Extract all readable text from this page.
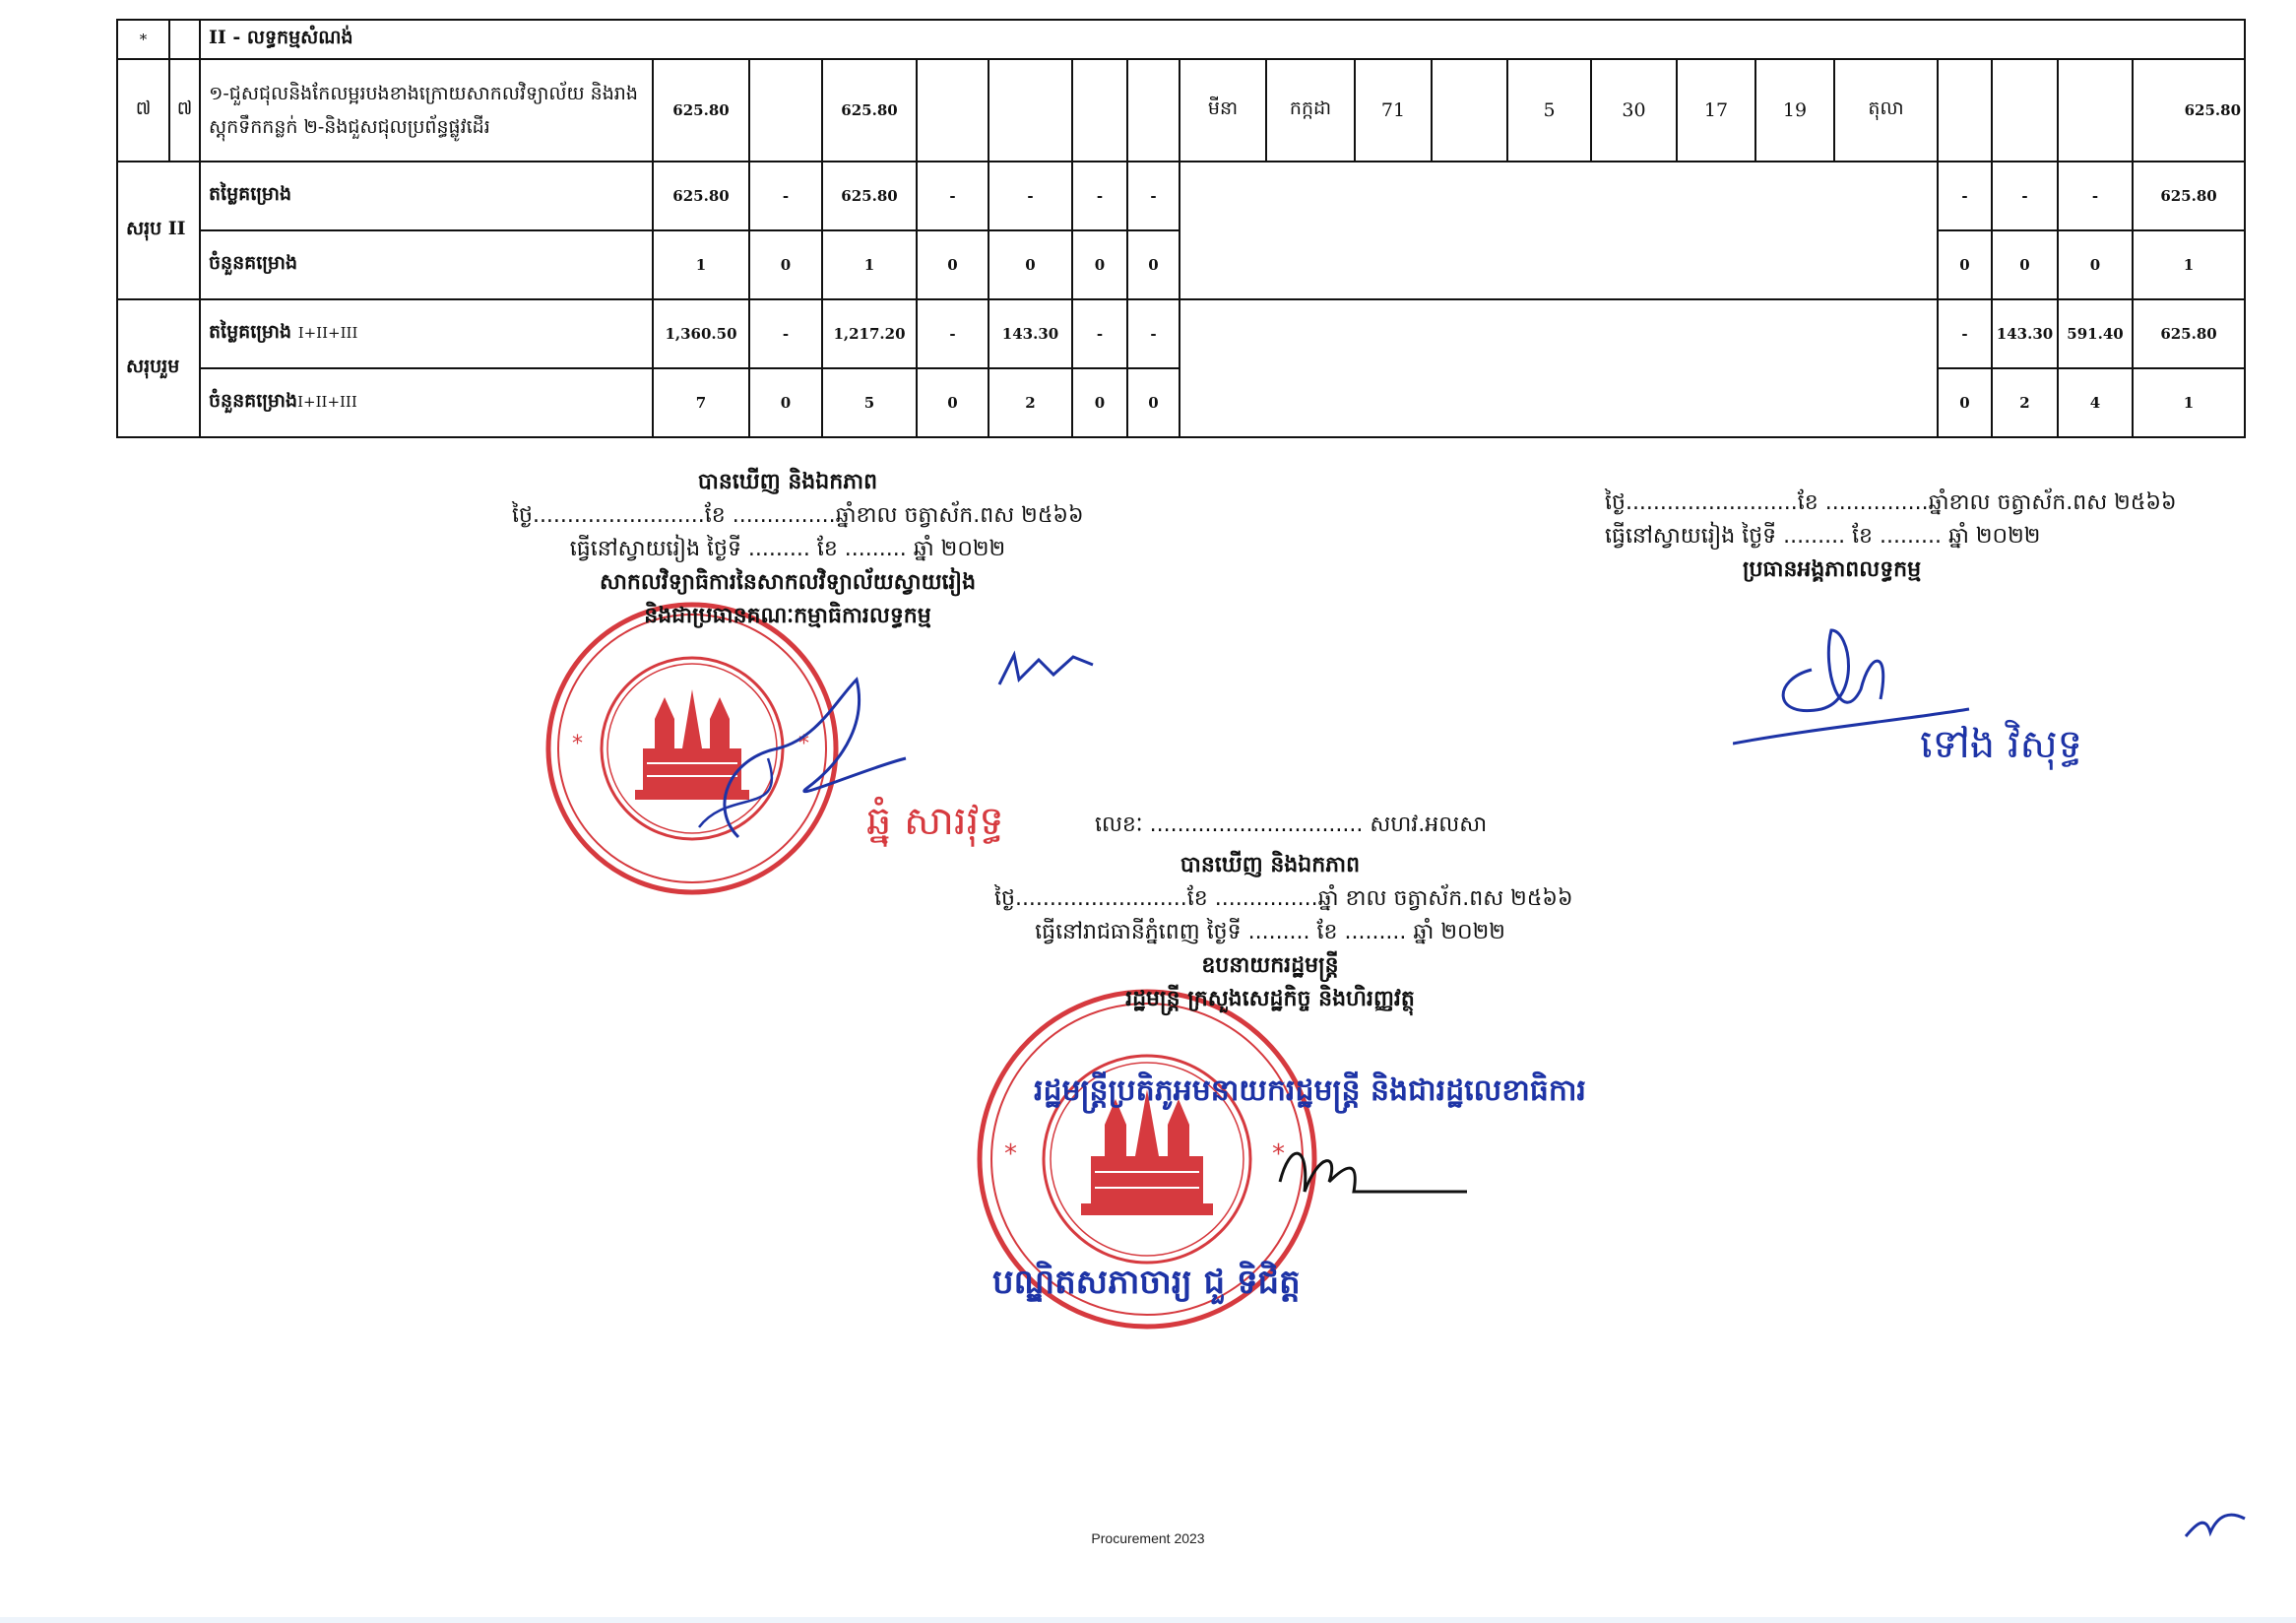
*		II - លទ្ធកម្មសំណង់																				
៧	៧	១-ជួសជុលនិងកែលម្អរបងខាងក្រោយសាកលវិទ្យាល័យ និងរាង
ស្តុកទឹកកន្លក់ ២-និងជួសជុលប្រព័ន្ធផ្លូវដើរ	625.80		625.80					មីនា	កក្កដា	71		5	30	17	19	តុលា				625.80
សរុប II		តម្លៃគម្រោង	625.80	-	625.80	-	-	-	-										-	-	-	625.80
		ចំនួនគម្រោង	1	0	1	0	0	0	0										0	0	0	1
សរុបរួម		តម្លៃគម្រោង I+II+III	1,360.50	-	1,217.20	-	143.30	-	-										-	143.30	591.40	625.80
		ចំនួនគម្រោងI+II+III	7	0	5	0	2	0	0										0	2	4	1
*	*
បានឃើញ និងឯកភាព
ថ្ងៃ.........................ខែ ...............ឆ្នាំខាល ចត្វាស័ក.ពស ២៥៦៦
ធ្វើនៅស្វាយរៀង ថ្ងៃទី ......... ខែ ......... ឆ្នាំ ២០២២
សាកលវិទ្យាធិការនៃសាកលវិទ្យាល័យស្វាយរៀង
និងជាប្រធានគណៈកម្មាធិការលទ្ធកម្ម
ឆ្នំុ សារវុទ្ធ
ថ្ងៃ.........................ខែ ...............ឆ្នាំខាល ចត្វាស័ក.ពស ២៥៦៦
ធ្វើនៅស្វាយរៀង ថ្ងៃទី ......... ខែ ......... ឆ្នាំ ២០២២
ប្រធានអង្គភាពលទ្ធកម្ម
ទៅង វិសុទ្ធ
លេខៈ ............................... សហវ.អលសា
*	*
បានឃើញ និងឯកភាព
ថ្ងៃ.........................ខែ ...............ឆ្នាំ ខាល ចត្វាស័ក.ពស ២៥៦៦
ធ្វើនៅរាជធានីភ្នំពេញ ថ្ងៃទី ......... ខែ ......... ឆ្នាំ ២០២២
ឧបនាយករដ្ឋមន្ត្រី
រដ្ឋមន្ត្រី ក្រសួងសេដ្ឋកិច្ច និងហិរញ្ញវត្ថុ
រដ្ឋមន្ត្រីប្រតិភូអមនាយករដ្ឋមន្ត្រី និងជារដ្ឋលេខាធិការ
បណ្ឌិតសភាចារ្យ ជួ ទិជិត្ត
Procurement 2023
